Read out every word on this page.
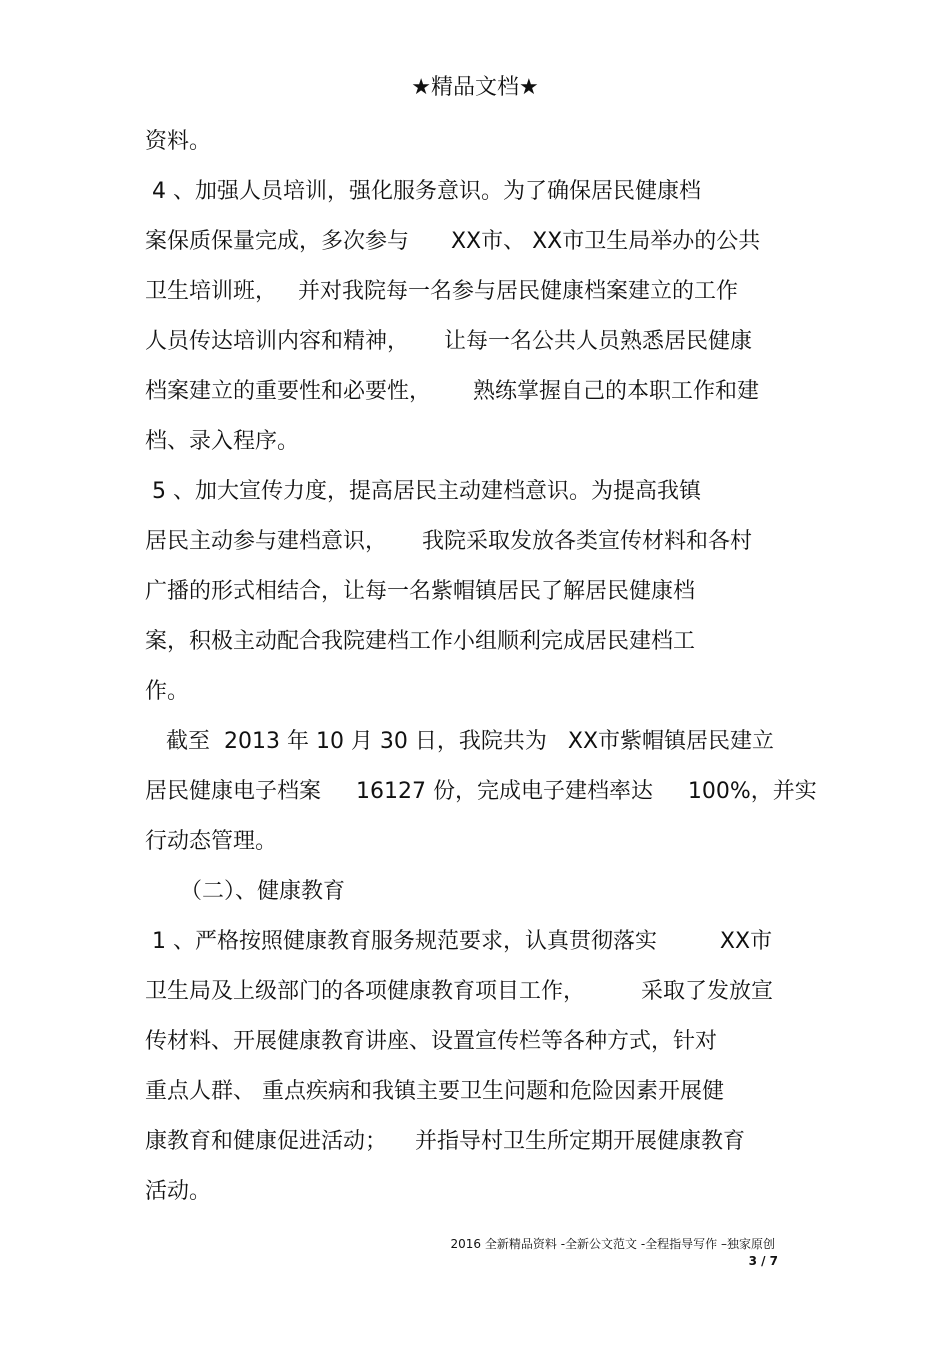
★精品文档★
资料。
4 、加强人员培训，强化服务意识。为了确保居民健康档
案保质保量完成，多次参与      XX市、 XX市卫生局举办的公共
卫生培训班，   并对我院每一名参与居民健康档案建立的工作
人员传达培训内容和精神，     让每一名公共人员熟悉居民健康
档案建立的重要性和必要性，      熟练掌握自己的本职工作和建
档、录入程序。
5 、加大宣传力度，提高居民主动建档意识。为提高我镇
居民主动参与建档意识，     我院采取发放各类宣传材料和各村
广播的形式相结合，让每一名紫帽镇居民了解居民健康档
案，积极主动配合我院建档工作小组顺利完成居民建档工
作。
截至  2013 年 10 月 30 日，我院共为   XX市紫帽镇居民建立
居民健康电子档案     16127 份，完成电子建档率达     100%，并实
行动态管理。
（二）、健康教育
1 、严格按照健康教育服务规范要求，认真贯彻落实         XX市
卫生局及上级部门的各项健康教育项目工作，        采取了发放宣
传材料、开展健康教育讲座、设置宣传栏等各种方式，针对
重点人群、 重点疾病和我镇主要卫生问题和危险因素开展健
康教育和健康促进活动；    并指导村卫生所定期开展健康教育
活动。
2016 全新精品资料 -全新公文范文 -全程指导写作 –独家原创
3 / 7
